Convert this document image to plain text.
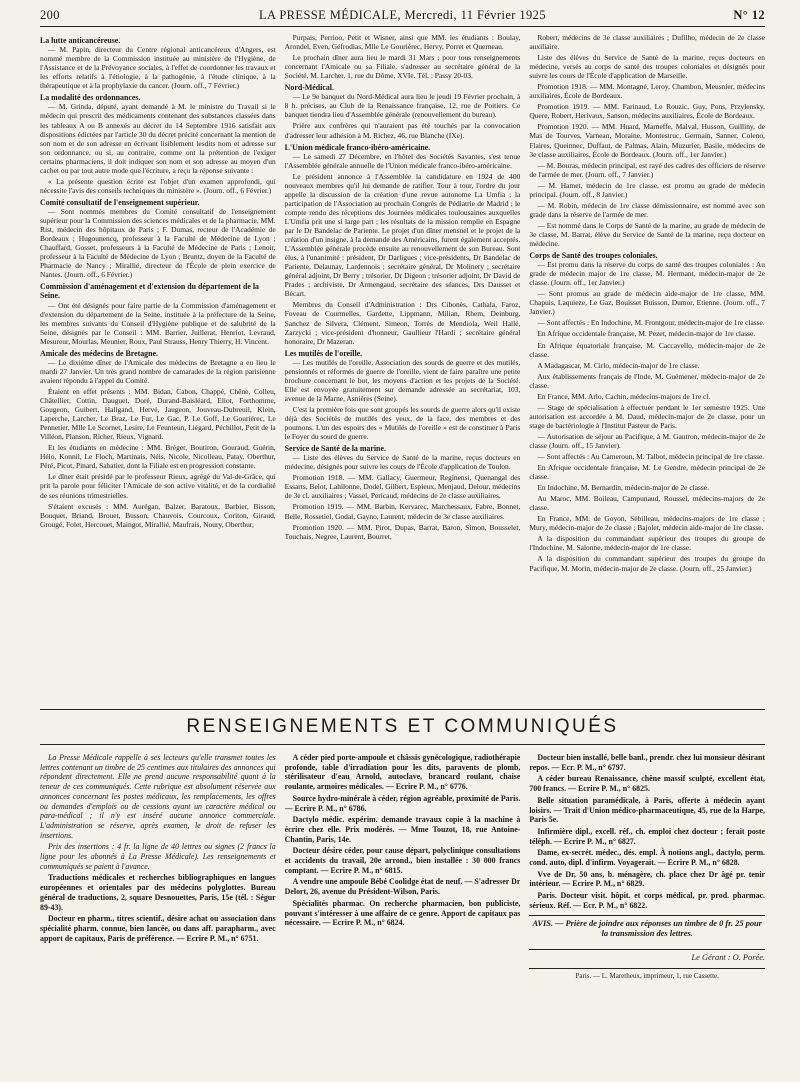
200	LA PRESSE MÉDICALE, Mercredi, 11 Février 1925	N° 12
La lutte anticancéreuse.

— M. Papin, directeur du Centre régional anticancéreux d'Angers, est nommé membre de la Commission instituée au ministère de l'Hygiène, de l'Assistance et de la Prévoyance sociales, à l'effet de coordonner les travaux et les efforts relatifs à l'étiologie, à la pathogénie, à l'étude clinique, à la thérapeutique et à la prophylaxie du cancer. (Journ. off., 7 Février.)

La modalité des ordonnances.

— M. Grinda, député, ayant demandé à M. le ministre du Travail si le médecin qui prescrit des médicaments contenant des substances classées dans les tableaux A ou B annexés au décret du 14 Septembre 1916 satisfait aux dispositions édictées par l'article 30 du décret précité concernant la mention de son nom et de son adresse en écrivant lisiblement lesdits nom et adresse sur son ordonnance, ou si, au contraire, comme ont la prétention de l'exiger certains pharmaciens, il doit indiquer son nom et son adresse au moyen d'un cachet ou par tout autre mode que l'écriture, a reçu la réponse suivante :

« La présente question écrite est l'objet d'un examen approfondi, qui nécessite l'avis des conseils techniques du ministère ». (Journ. off., 6 Février.)

Comité consultatif de l'enseignement supérieur.

— Sont nommés membres du Comité consultatif de l'enseignement supérieur pour la Commission des sciences médicales et de la pharmacie, MM. Rist, médecin des hôpitaux de Paris ; F. Dumas, recteur de l'Académie de Bordeaux ; Hugounencq, professeur à la Faculté de Médecine de Lyon ; Chauffard, Gosset, professeurs à la Faculté de Médecine de Paris ; Lenoir, professeur à la Faculté de Médecine de Lyon ; Bruntz, doyen de la Faculté de Pharmacie de Nancy ; Mirallié, directeur de l'École de plein exercice de Nantes. (Journ. off., 6 Février.)

Commission d'aménagement et d'extension du département de la Seine.

— Ont été désignés pour faire partie de la Commission d'aménagement et d'extension du département de la Seine, instituée à la préfecture de la Seine, les membres suivants du Conseil d'Hygiène publique et de salubrité de la Seine, désignés par le Conseil : MM. Barrier, Juillerat, Henriot, Levraud, Mesureur, Mourlas, Meunier, Roux, Paul Strauss, Henry Thierry, H. Vincent.

Amicale des médecins de Bretagne.

— Le dixième dîner de l'Amicale des médecins de Bretagne a eu lieu le mardi 27 Janvier. Un très grand nombre de camarades de la région parisienne avaient répondu à l'appel du Comité.

Étaient en effet présents : MM. Bidan, Cabon, Chappé, Chêne, Colleu, Châtellier, Cottin, Dauguet, Doré, Durand-Baisléard, Eliot, Forthomme, Gougeon, Guibert, Hallgand, Hervé, Jaugeon, Jouveau-Dubreuil, Klein, Laperche, Larcher, Le Braz, Le Fur, Le Gac, P. Le Goff, Le Gouriérec, Le Pennetier, Mlle Le Scornet, Lesire, Le Feunteun, Liégard, Péchillot, Petit de la Villéon, Planson, Richer, Rieux, Vignard.

Et les étudiants en médecine : MM. Bréger, Boutiron, Gouraud, Guérin, Hélo, Konnil, Le Floch, Martinais, Néis, Nicole, Nicolleau, Patay, Oberthur, Péré, Picot, Pinard, Sabatier, dont la Filiale est en progression constante.

Le dîner était présidé par le professeur Rieux, agrégé du Val-de-Grâce, qui prit la parole pour féliciter l'Amicale de son active vitalité, et de la cordialité de ses réunions trimestrielles.

S'étaient excusés : MM. Aurégan, Balzer, Baratoux, Barbier, Bisson, Bouquet, Briand, Brouet, Busson, Chauvois, Courcoux, Coriton, Giraud, Grougé, Folet, Hercouet, Maingot, Mirallié, Maufrais, Noury, Oberthur,

Purpais, Perrioo, Petit et Wisner, ainsi que MM. les étudiants : Boulay, Arondel, Even, Géfrodias, Mlle Le Gouriérec, Hervy, Porret et Querneau.

Le prochain dîner aura lieu le mardi 31 Mars ; pour tous renseignements concernant l'Amicale ou sa Filiale, s'adresser au secrétaire général de la Société, M. Larcher, 1, rue du Dôme, XVIe. Tél. : Passy 20-03.

Nord-Médical.

— Le 9e banquet du Nord-Médical aura lieu le jeudi 19 Février prochain, à 8 h. précises, au Club de la Renaissance française, 12, rue de Poitiers. Ce banquet tiendra lieu d'Assemblée générale (renouvellement du bureau).

Prière aux confrères qui n'auraient pas été touchés par la convocation d'adresser leur adhésion à M. Richez, 46, rue Blanche (IXe).

L'Union médicale franco-ibéro-américaine.

— Le samedi 27 Décembre, en l'hôtel des Sociétés Savantes, s'est tenue l'Assemblée générale annuelle de l'Union médicale franco-ibéro-américaine.

Le président annonce à l'Assemblée la candidature en 1924 de 400 nouveaux membres qu'il lui demande de ratifier. Tour à tour, l'ordre du jour appelle la discussion de la création d'une revue autonome La Umfia ; la participation de l'Association au prochain Congrès de Pédiatrie de Madrid ; le compte rendu des réceptions des Journées médicales toulousaines auxquelles L'Umfia prit une si large part ; les résultats de la mission remplie en Espagne par le Dr Bandelac de Pariente. Le projet d'un dîner mensuel et le projet de la création d'un insigne, à la demande des Américains, furent également acceptés. L'Assemblée générale procède ensuite au renouvellement de son Bureau. Sont élus, à l'unanimité : président, Dr Darligues ; vice-présidents, Dr Bandelac de Pariente, Delaunay, Lardennois ; secrétaire général, Dr Molinery ; secrétaire général adjoint, Dr Berry ; trésorier, Dr Digeon ; trésorier adjoint, Dr David de Prades ; archiviste, Dr Armengaud, secrétaire des séances, Drs Dausset et Bécart.

Membres du Conseil d'Administration : Drs Cibonès, Cathala, Faroz, Foveau de Courmelles, Gardette, Lippmann, Milian, Rhem, Deinburg, Sanchez de Silvera, Clément, Simeon, Torrès de Mendiola, Weil Hallé, Zarzycki ; vice-président d'honneur, Gaullieur l'Hardi ; secrétaire général honoraire, Dr Mazeran.

Les mutilés de l'oreille.

— Les mutilés de l'oreille, Association des sourds de guerre et des mutilés, pensionnés et réformés de guerre de l'oreille, vient de faire paraître une petite brochure concernant le but, les moyens d'action et les projets de la Société. Elle est envoyée gratuitement sur demande adressée au secrétariat, 103, avenue de la Marne, Asnières (Seine).

C'est la première fois que sont groupés les sourds de guerre alors qu'il existe déjà des Sociétés de mutilés des yeux, de la face, des membres et des poumons. L'un des espoirs des « Mutilés de l'oreille » est de constituer à Paris le Foyer du sourd de guerre.

Service de Santé de la marine.

— Liste des élèves du Service de Santé de la marine, reçus docteurs en médecine, désignés pour suivre les cours de l'École d'application de Toulon.

Promotion 1918. — MM. Gallacy, Guermeur, Reginensi, Quenangal des Essarts, Belot, Lahilonne, Dodel, Gilbert, Espieux, Menjaud, Delour, médecins de 3e cl. auxiliaires ; Vassel, Pericaud, médecins de 2e classe auxiliaires.

Promotion 1919. — MM. Barbin, Kervarec, Marchessaux, Fabre, Bonnet, Belle, Rossetiel, Godal, Gayno, Laurent, médecin de 3e classe auxiliaires.

Promotion 1920. — MM. Pirot, Dupas, Barrat, Baron, Simon, Bousselet, Touchais, Negree, Laurent, Bourret,

Robert, médecins de 3e classe auxiliaires ; Dufilho, médecin de 2e classe auxiliaire.

Liste des élèves du Service de Santé de la marine, reçus docteurs en médecine, versés au corps de santé des troupes coloniales et désignés pour suivre les cours de l'École d'application de Marseille.

Promotion 1918. — MM. Montagné, Leroy, Chambon, Meusnier, médecins auxiliaires, École de Bordeaux.

Promotion 1919. — MM. Farinaud, Le Rouzic, Guy, Pons, Przylensky, Quere, Robert, Herivaux, Sanson, médecins auxiliaires, École de Bordeaux.

Promotion 1920. — MM. Huard, Marneffe, Malval, Husson, Guilliny, de Mas de Tourves, Varnean, Moraine, Montestruc, Germain, Sanner, Coleno, Flaires, Queinnec, Duffaut, de Palmas, Alain, Muzurier, Basile, médecins de 3e classe auxiliaires, École de Bordeaux. (Journ. off., 1er Janvier.)

— M. Bouras, médecin principal, est rayé des cadres des officiers de réserve de l'armée de mer. (Journ. off., 7 Janvier.)

— M. Hamet, médecin de 1re classe, est promu au grade de médecin principal. (Journ. off., 8 Janvier.)

— M. Robin, médecin de 1re classe démissionnaire, est nommé avec son grade dans la réserve de l'armée de mer.

— Est nommé dans le Corps de Santé de la marine, au grade de médecin de 3e classe, M. Barrat, élève du Service de Santé de la marine, reçu docteur en médecine.

Corps de Santé des troupes coloniales.

— Est promu dans la réserve du corps de santé des troupes coloniales : Au grade de médecin major de 1re classe, M. Hermant, médecin-major de 2e classe. (Journ. off., 1er Janvier.)

— Sont promus au grade de médecin aide-major de 1re classe, MM. Chapuis, Laquieze, Le Gaz, Bouisset Buisson, Dumor, Etienne. (Journ. off., 7 Janvier.)

— Sont affectés : En Indochine, M. Frontgour, médecin-major de 1re classe.

En Afrique occidentale française, M. Pezet, médecin-major de 1re classe.

En Afrique équatoriale française, M. Caccavello, médecin-major de 2e classe.

A Madagascar, M. Cirlo, médecin-major de 1re classe.

Aux établissements français de l'Inde, M. Guémener, médecin-major de 2e classe.

En France, MM. Arlo, Cachin, médecins-majors de 1re cl.

— Stage de spécialisation à effectuer pendant le 1er semestre 1925. Une autorisation est accordée à M. Daud, médecin-major de 2e classe, pour un stage de bactériologie à l'Institut Pasteur de Paris.

— Autorisation de séjour au Pacifique, à M. Gautron, médecin-major de 2e classe (Journ. off., 15 Janvier).

— Sont affectés : Au Cameroun, M. Talbot, médecin principal de 1re classe.

En Afrique occidentale française, M. Le Gendre, médecin principal de 2e classe.

En Indochine, M. Bernardin, médecin-major de 2e classe.

Au Maroc, MM. Boileau, Campunaud, Roussel, médecins-majors de 2e classe.

En France, MM. de Goyon, Sébilleau, médecins-majors de 1re classe ; Mury, médecin-major de 2e classe ; Bajolet, médecin aide-major de 1re classe.

A la disposition du commandant supérieur des troupes du groupe de l'Indochine, M. Salonne, médecin-major de 1re classe.

A la disposition du commandant supérieur des troupes du groupe du Pacifique, M. Morin, médecin-major de 2e classe. (Journ. off., 25 Janvier.)

RENSEIGNEMENTS ET COMMUNIQUÉS

La Presse Médicale rappelle à ses lecteurs qu'elle transmet toutes les lettres contenant un timbre de 25 centimes aux titulaires des annonces qui répondent directement. Elle ne prend aucune responsabilité quant à la teneur de ces communiqués. Cette rubrique est absolument réservée aux annonces concernant les postes médicaux, les remplacements, les offres ou demandes d'emplois ou de cessions ayant un caractère médical ou para-médical ; il n'y est inséré aucune annonce commerciale. L'administration se réserve, après examen, le droit de refuser les insertions.

Prix des insertions : 4 fr. la ligne de 40 lettres ou signes (2 francs la ligne pour les abonnés à La Presse Médicale). Les renseignements et communiqués se paient à l'avance.

Traductions médicales et recherches bibliographiques en langues européennes et orientales par des médecins polyglottes. Bureau général de traductions, 2, square Desnouettes, Paris, 15e (tél. : Ségur 89-43).

Docteur en pharm., titres scientif., désire achat ou association dans spécialité pharm. connue, bien lancée, ou dans aff. parapharm., avec apport de capitaux, Paris de préférence. — Ecrire P. M., n° 6751.

A céder pied porte-ampoule et châssis gynécologique, radiothérapie profonde, table d'irradiation pour les dits, paravents de plomb, stérilisateur d'eau Arnold, autoclave, brancard roulant, chaise roulante, armoires médicales. — Ecrire P. M., n° 6776.

Source hydro-minérale à céder, région agréable, proximité de Paris. — Ecrire P. M., n° 6786.

Dactylo médic. expérim. demande travaux copie à la machine à écrire chez elle. Prix modérés. — Mme Touzot, 18, rue Antoine-Chantin, Paris, 14e.

Docteur désire céder, pour cause départ, polyclinique consultations et accidents du travail, 20e arrond., bien installée : 30 000 francs comptant. — Ecrire P. M., n° 6815.

A vendre une ampoule Bébé Coolidge état de neuf. — S'adresser Dr Delort, 26, avenue du Président-Wilson, Paris.

Spécialités pharmac. On recherche pharmacien, bon publiciste, pouvant s'intéresser à une affaire de ce genre. Apport de capitaux pas nécessaire. — Ecrire P. M., n° 6824.

Docteur bien installé, belle banl., prendr. chez lui monsieur désirant repos. — Ecr. P. M., n° 6797.

A céder bureau Renaissance, chêne massif sculpté, excellent état, 700 francs. — Ecrire P. M., n° 6825.

Belle situation paramédicale, à Paris, offerte à médecin ayant loisirs. — Trait d'Union médico-pharmaceutique, 45, rue de la Harpe, Paris 5e.

Infirmière dipl., excell. réf., ch. emploi chez docteur ; ferait poste téléph. — Ecrire P. M., n° 6827.

Dame, ex-secrét. médec., dés. empl. À notions angl., dactylo, perm. cond. auto, dipl. d'infirm. Voyagerait. — Ecrire P. M., n° 6828.

Vve de Dr, 50 ans, b. ménagère, ch. place chez Dr âgé pr. tenir intérieur. — Ecrire P. M., n° 6829.

Paris. Docteur visit. hôpit. et corps médical, pr. prod. pharmac. sérieux. Réf. — Ecr. P. M., n° 6822.

AVIS. — Prière de joindre aux réponses un timbre de 0 fr. 25 pour la transmission des lettres.
Le Gérant : O. Porée.
Paris. — L. Maretheux, imprimeur, 1, rue Cassette.
